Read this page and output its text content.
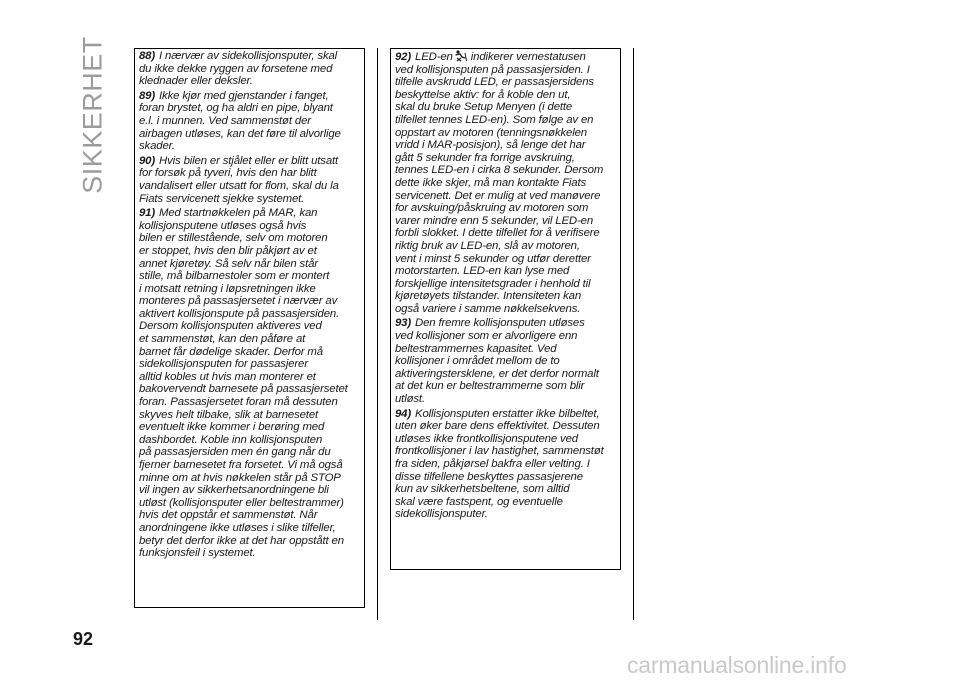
SIKKERHET	88) I nærvær av sidekollisjonsputer, skal
du ikke dekke ryggen av forsetene med
klednader eller deksler.

89) Ikke kjør med gjenstander i fanget,
foran brystet, og ha aldri en pipe, blyant
e.l. i munnen. Ved sammenstøt der
airbagen utløses, kan det føre til alvorlige
skader.

90) Hvis bilen er stjålet eller er blitt utsatt
for forsøk på tyveri, hvis den har blitt
vandalisert eller utsatt for flom, skal du la
Fiats servicenett sjekke systemet.

91) Med startnøkkelen på MAR, kan
kollisjonsputene utløses også hvis
bilen er stillestående, selv om motoren
er stoppet, hvis den blir påkjørt av et
annet kjøretøy. Så selv når bilen står
stille, må bilbarnestoler som er montert
i motsatt retning i løpsretningen ikke
monteres på passasjersetet i nærvær av
aktivert kollisjonspute på passasjersiden.
Dersom kollisjonsputen aktiveres ved
et sammenstøt, kan den påføre at
barnet får dødelige skader. Derfor må
sidekollisjonsputen for passasjerer
alltid kobles ut hvis man monterer et
bakovervendt barnesete på passasjersetet
foran. Passasjersetet foran må dessuten
skyves helt tilbake, slik at barnesetet
eventuelt ikke kommer i berøring med
dashbordet. Koble inn kollisjonsputen
på passasjersiden men én gang når du
fjerner barnesetet fra forsetet. Vi må også
minne om at hvis nøkkelen står på STOP
vil ingen av sikkerhetsanordningene bli
utløst (kollisjonsputer eller beltestrammer)
hvis det oppstår et sammenstøt. Når
anordningene ikke utløses i slike tilfeller,
betyr det derfor ikke at det har oppstått en
funksjonsfeil i systemet.

92) LED-en indikerer vernestatusen
ved kollisjonsputen på passasjersiden. I
tilfelle avskrudd LED, er passasjersidens
beskyttelse aktiv: for å koble den ut,
skal du bruke Setup Menyen (i dette
tilfellet tennes LED-en). Som følge av en
oppstart av motoren (tenningsnøkkelen
vridd i MAR-posisjon), så lenge det har
gått 5 sekunder fra forrige avskruing,
tennes LED-en i cirka 8 sekunder. Dersom
dette ikke skjer, må man kontakte Fiats
servicenett. Det er mulig at ved manøvere
for avskuing/påskruing av motoren som
varer mindre enn 5 sekunder, vil LED-en
forbli slokket. I dette tilfellet for å verifisere
riktig bruk av LED-en, slå av motoren,
vent i minst 5 sekunder og utfør deretter
motorstarten. LED-en kan lyse med
forskjellige intensitetsgrader i henhold til
kjøretøyets tilstander. Intensiteten kan
også variere i samme nøkkelsekvens.

93) Den fremre kollisjonsputen utløses
ved kollisjoner som er alvorligere enn
beltestrammernes kapasitet. Ved
kollisjoner i området mellom de to
aktiveringstersklene, er det derfor normalt
at det kun er beltestrammerne som blir
utløst.

94) Kollisjonsputen erstatter ikke bilbeltet,
uten øker bare dens effektivitet. Dessuten
utløses ikke frontkollisjonsputene ved
frontkollisjoner i lav hastighet, sammenstøt
fra siden, påkjørsel bakfra eller velting. I
disse tilfellene beskyttes passasjerene
kun av sikkerhetsbeltene, som alltid
skal være fastspent, og eventuelle
sidekollisjonsputer.

92
carmanualsonline.info
